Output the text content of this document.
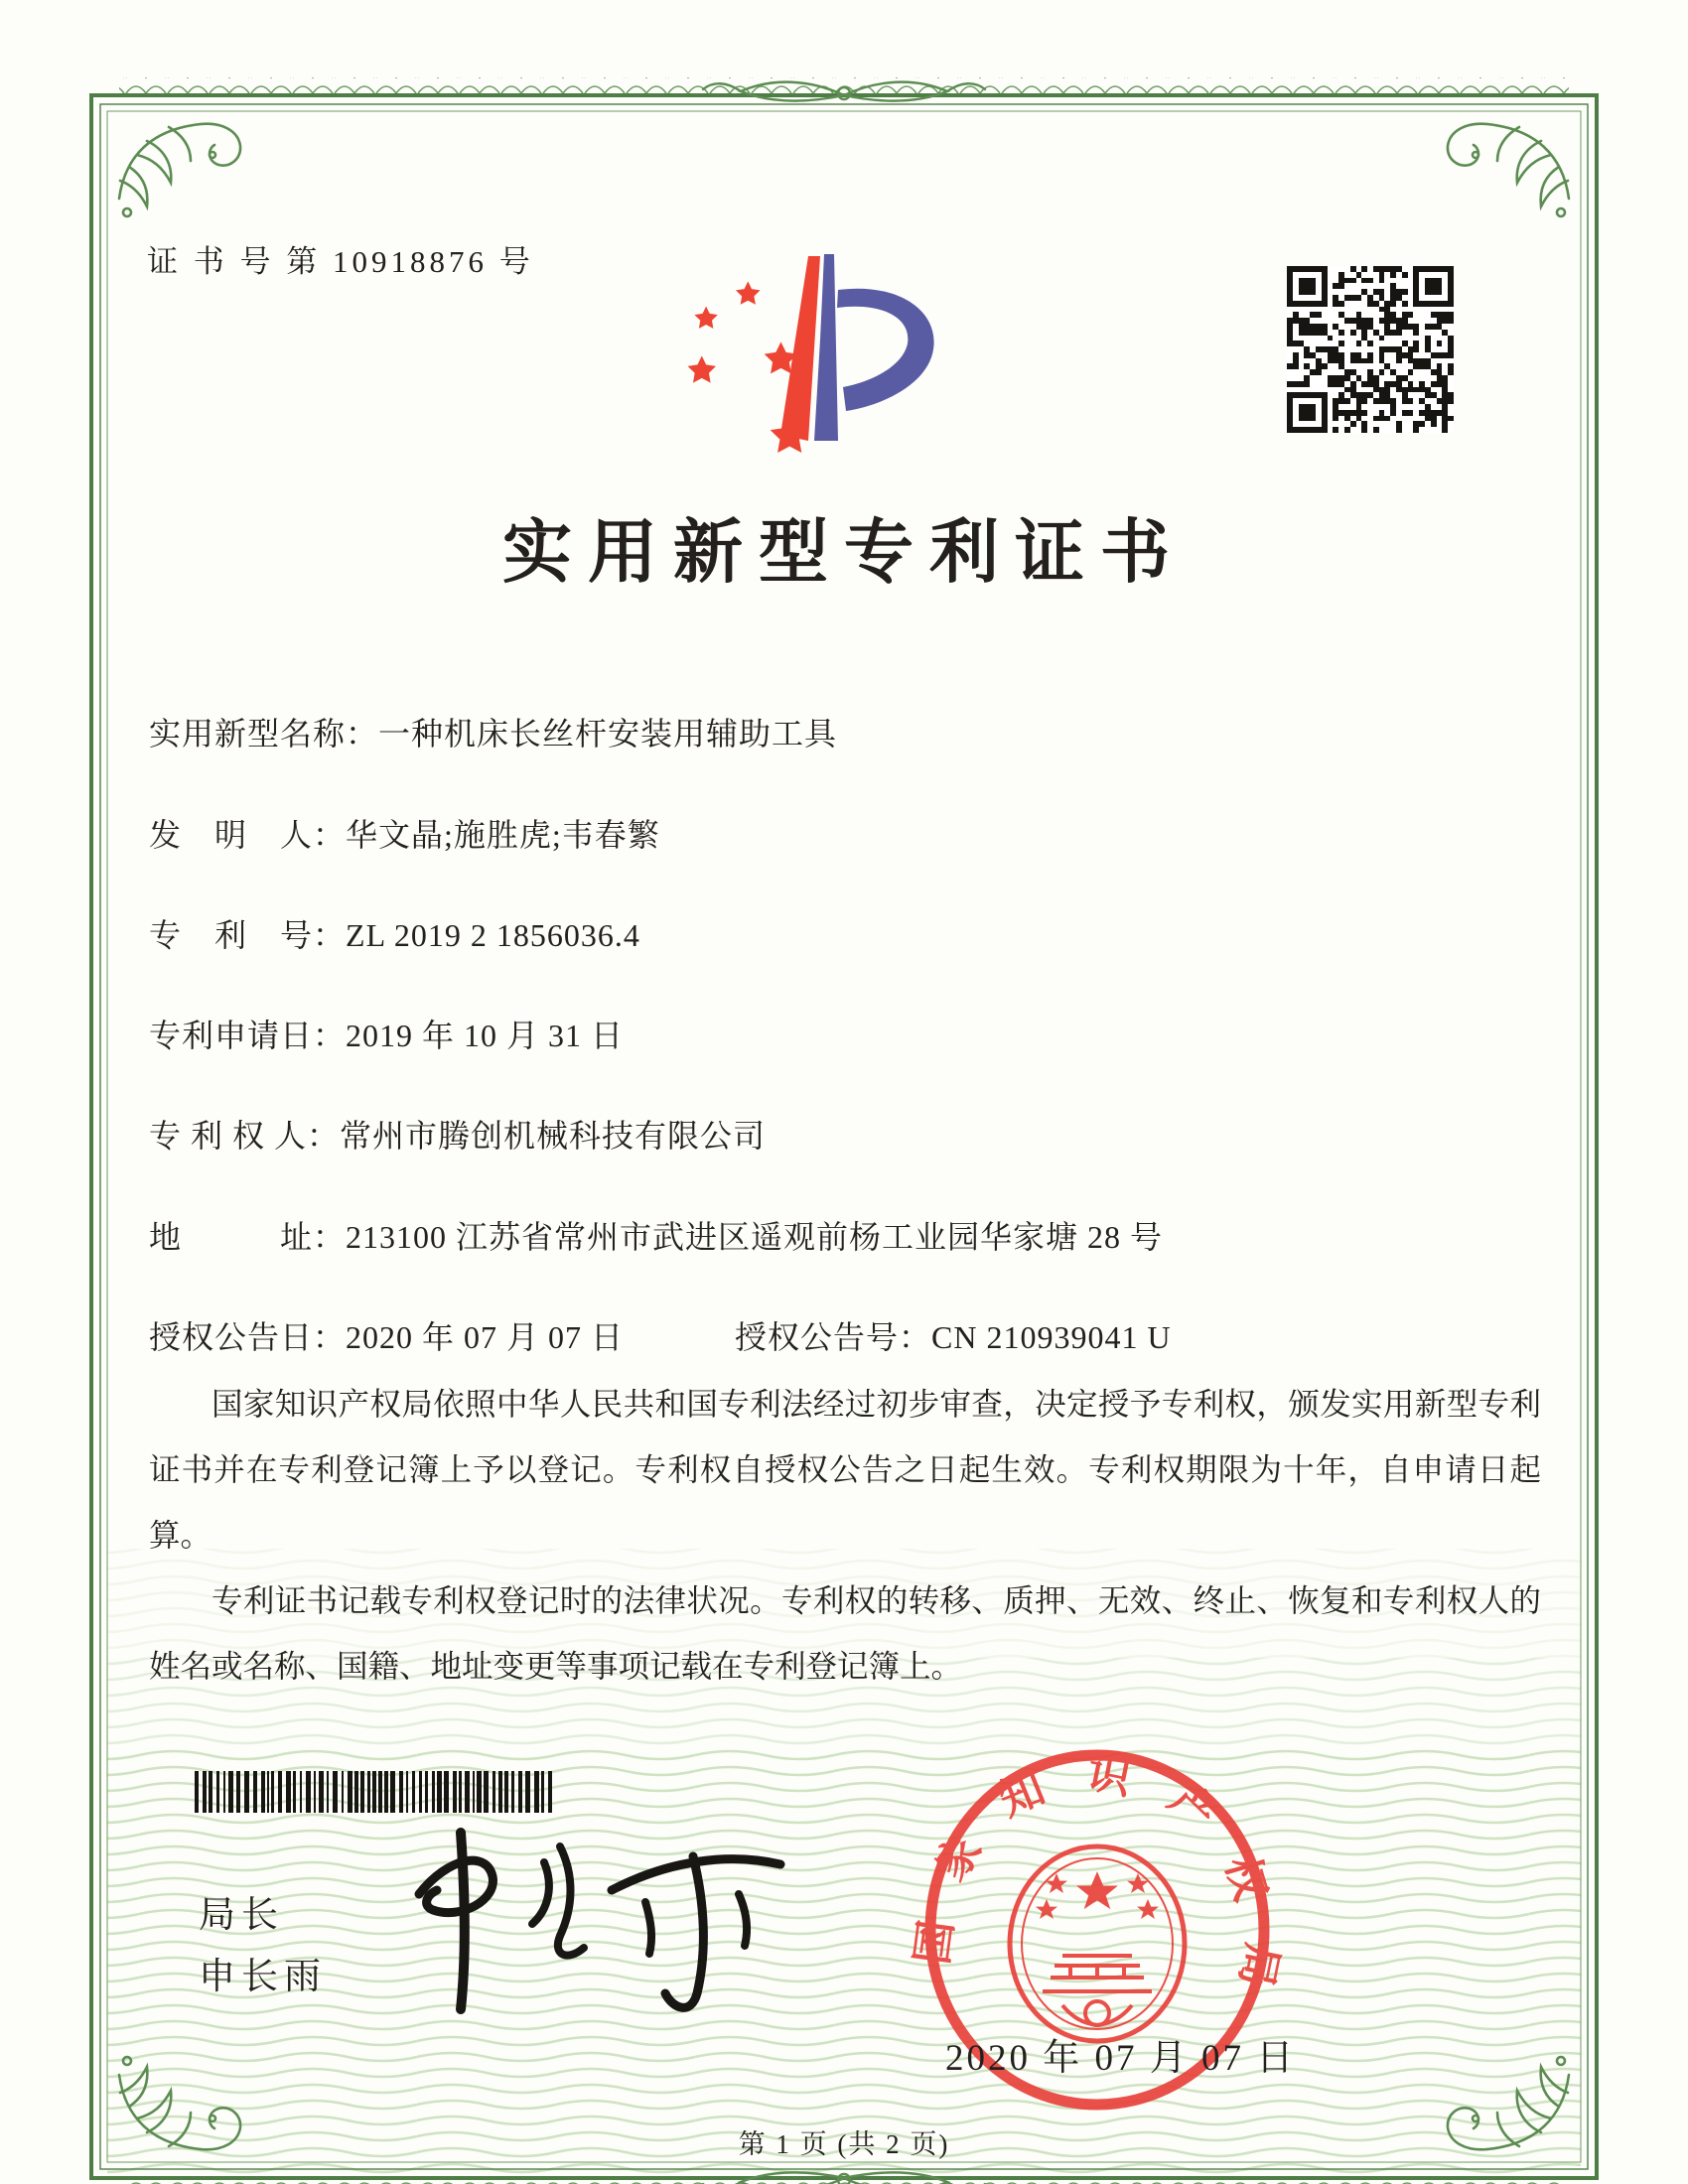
证 书 号 第 10918876 号
实用新型专利证书
实用新型名称：一种机床长丝杆安装用辅助工具
发　明　人：华文晶;施胜虎;韦春繁
专　利　号：ZL 2019 2 1856036.4
专利申请日：2019 年 10 月 31 日
专 利 权 人：常州市腾创机械科技有限公司
地　　　址：213100 江苏省常州市武进区遥观前杨工业园华家塘 28 号
授权公告日：2020 年 07 月 07 日	授权公告号：CN 210939041 U

国家知识产权局依照中华人民共和国专利法经过初步审查，决定授予专利权，颁发实用新型专利证书并在专利登记簿上予以登记。专利权自授权公告之日起生效。专利权期限为十年，自申请日起算。

专利证书记载专利权登记时的法律状况。专利权的转移、质押、无效、终止、恢复和专利权人的姓名或名称、国籍、地址变更等事项记载在专利登记簿上。

局长
申长雨
国家知识产权局
2020 年 07 月 07 日
第 1 页 (共 2 页)
